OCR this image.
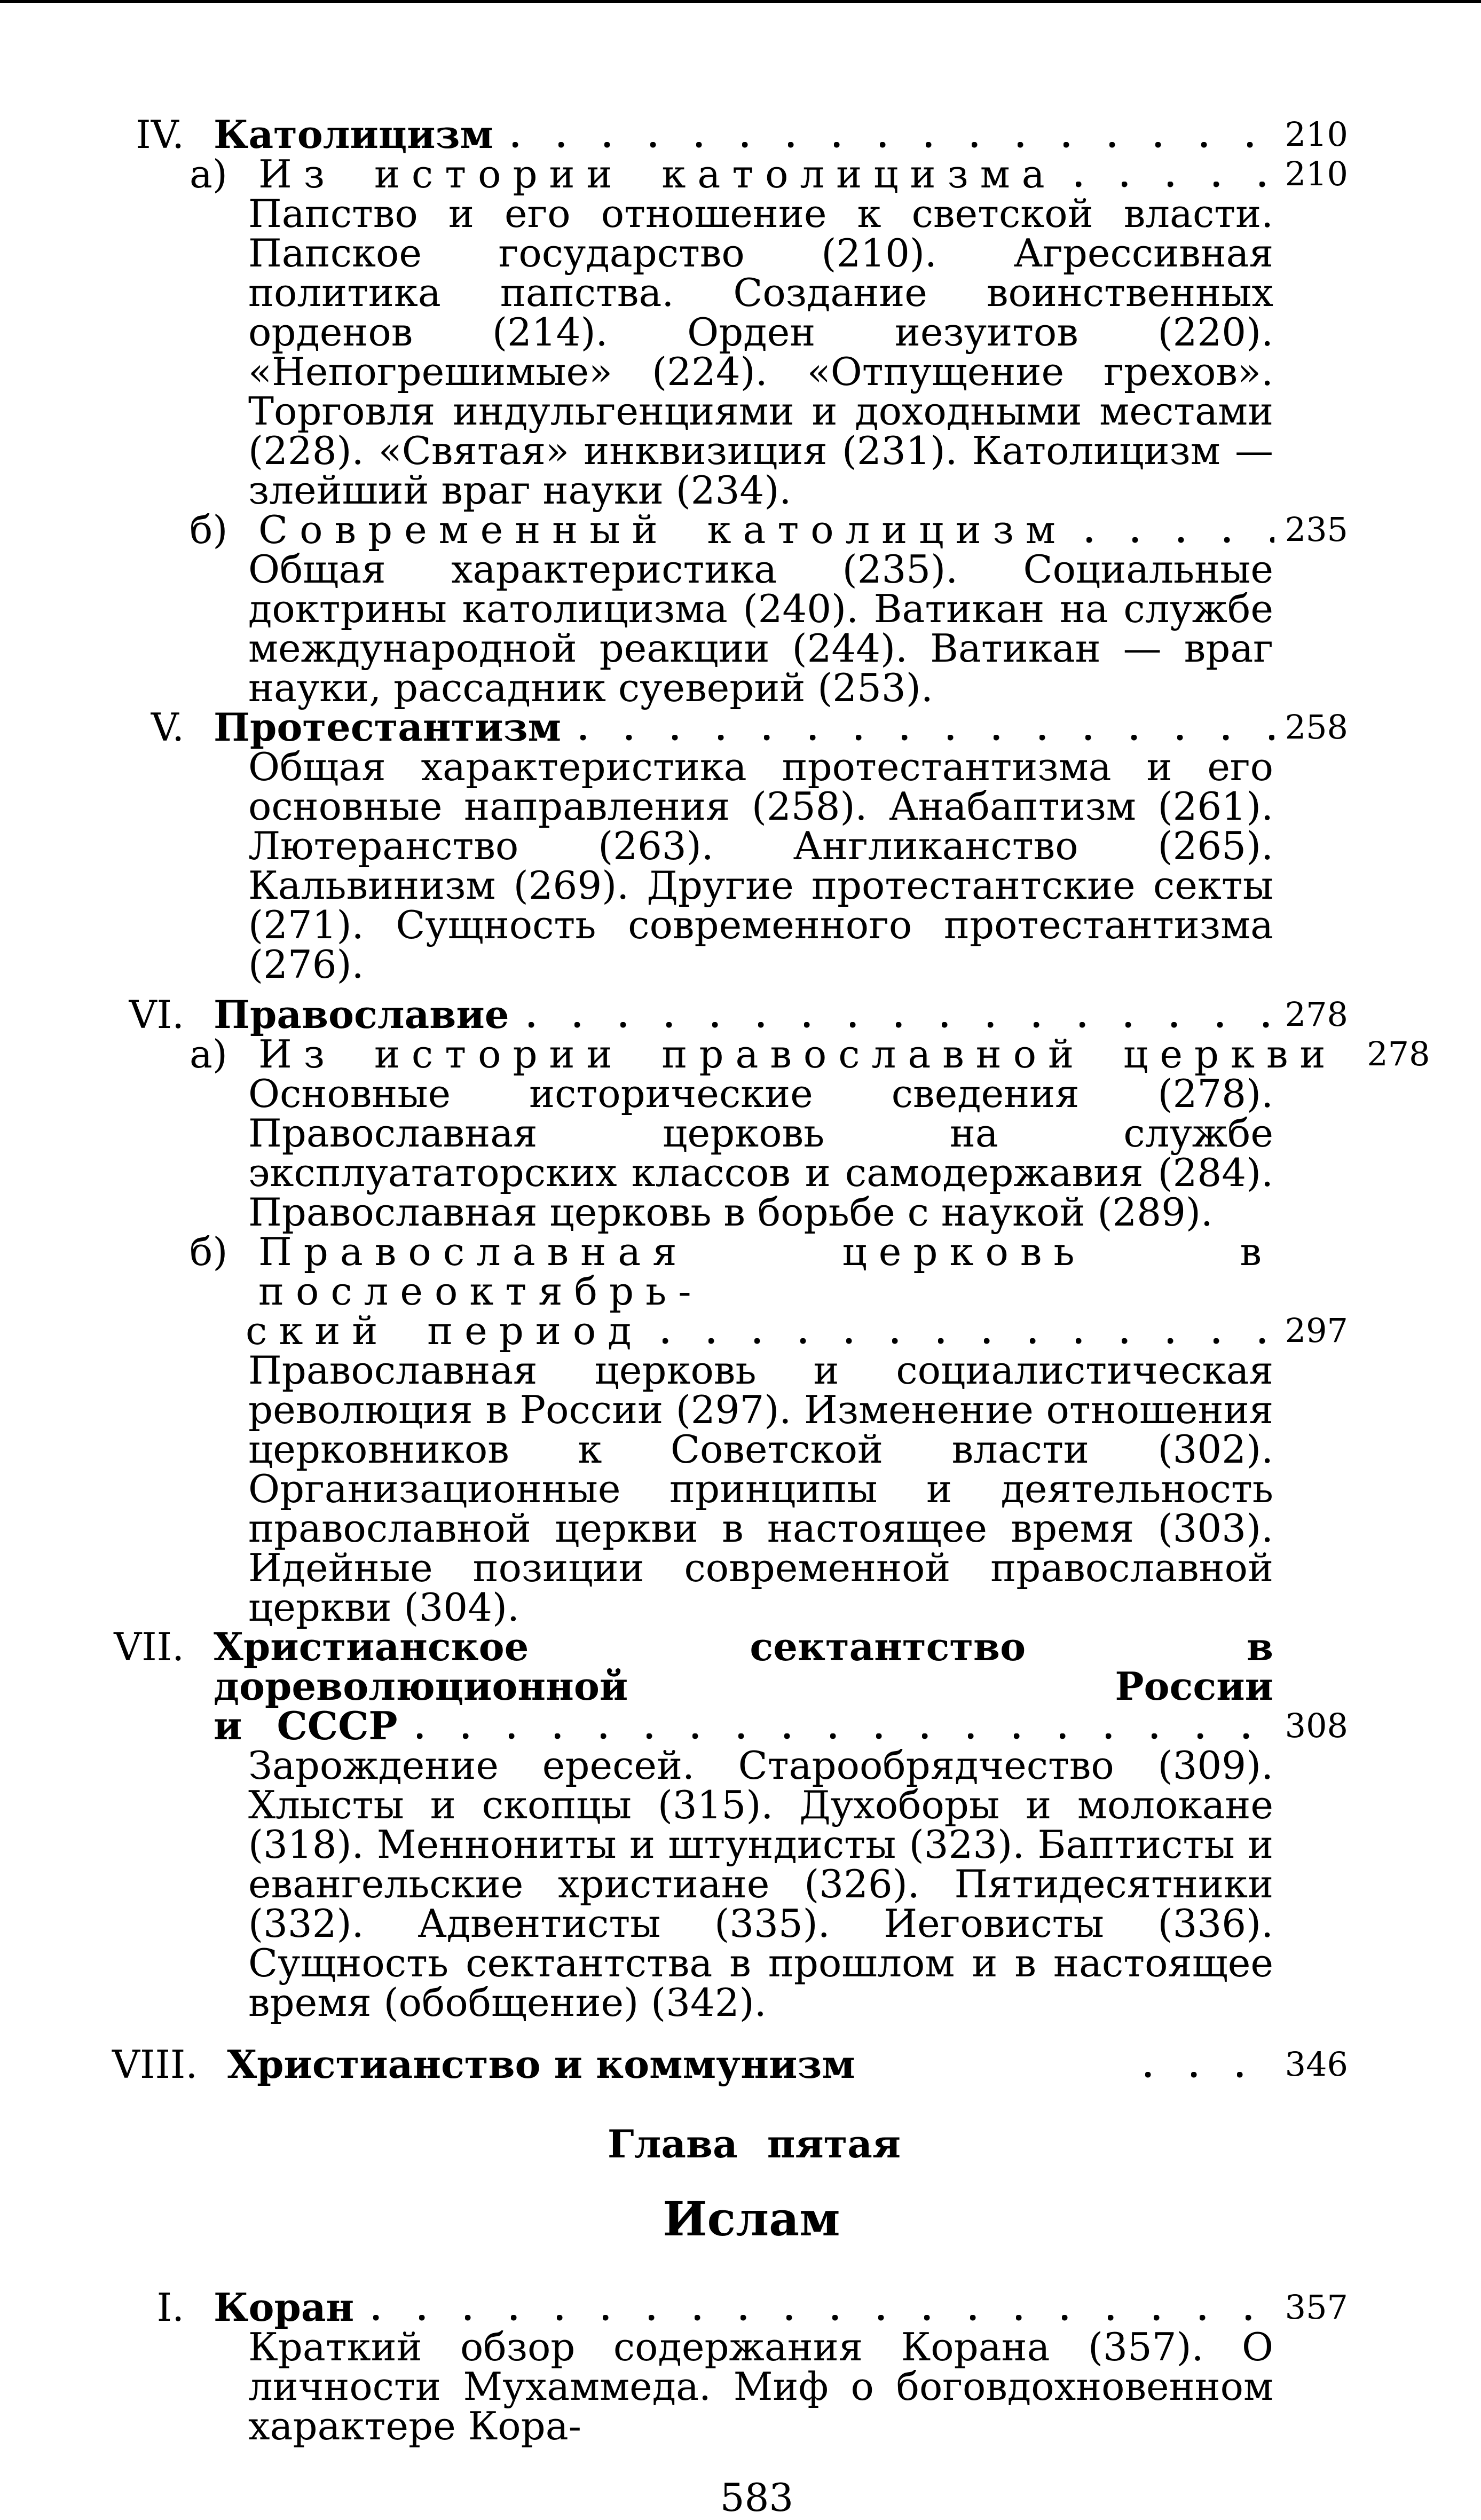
IV. Католицизм	210
а) Из истории католицизма	210
Папство и его отношение к светской власти. Папское государство (210). Агрессивная политика папства. Создание воинственных орденов (214). Орден иезуитов (220). «Непогрешимые» (224). «Отпущение грехов». Торговля индульгенциями и доходными местами (228). «Святая» инквизиция (231). Католицизм — злейший враг науки (234).
б) Современный католицизм	235
Общая характеристика (235). Социальные доктрины католицизма (240). Ватикан на службе международной реакции (244). Ватикан — враг науки, рассадник суеверий (253).
V. Протестантизм	258
Общая характеристика протестантизма и его основные направления (258). Анабаптизм (261). Лютеранство (263). Англиканство (265). Кальвинизм (269). Другие протестантские секты (271). Сущность современного протестантизма (276).
VI. Православие	278
а) Из истории православной церкви 278
Основные исторические сведения (278). Православная церковь на службе эксплуататорских классов и самодержавия (284). Православная церковь в борьбе с наукой (289).
б) Православная церковь в послеоктябрь-
ский период	297
Православная церковь и социалистическая революция в России (297). Изменение отношения церковников к Советской власти (302). Организационные принципы и деятельность православной церкви в настоящее время (303). Идейные позиции современной православной церкви (304).
VII. Христианское сектантство в дореволюционной России
и СССР	308
Зарождение ересей. Старообрядчество (309). Хлысты и скопцы (315). Духоборы и молокане (318). Меннониты и штундисты (323). Баптисты и евангельские христиане (326). Пятидесятники (332). Адвентисты (335). Иеговисты (336). Сущность сектантства в прошлом и в настоящее время (обобщение) (342).
VIII. Христианство и коммунизм	346
Глава пятая
Ислам
I. Коран	357
Краткий обзор содержания Корана (357). О личности Мухаммеда. Миф о боговдохновенном характере Кора-
583
